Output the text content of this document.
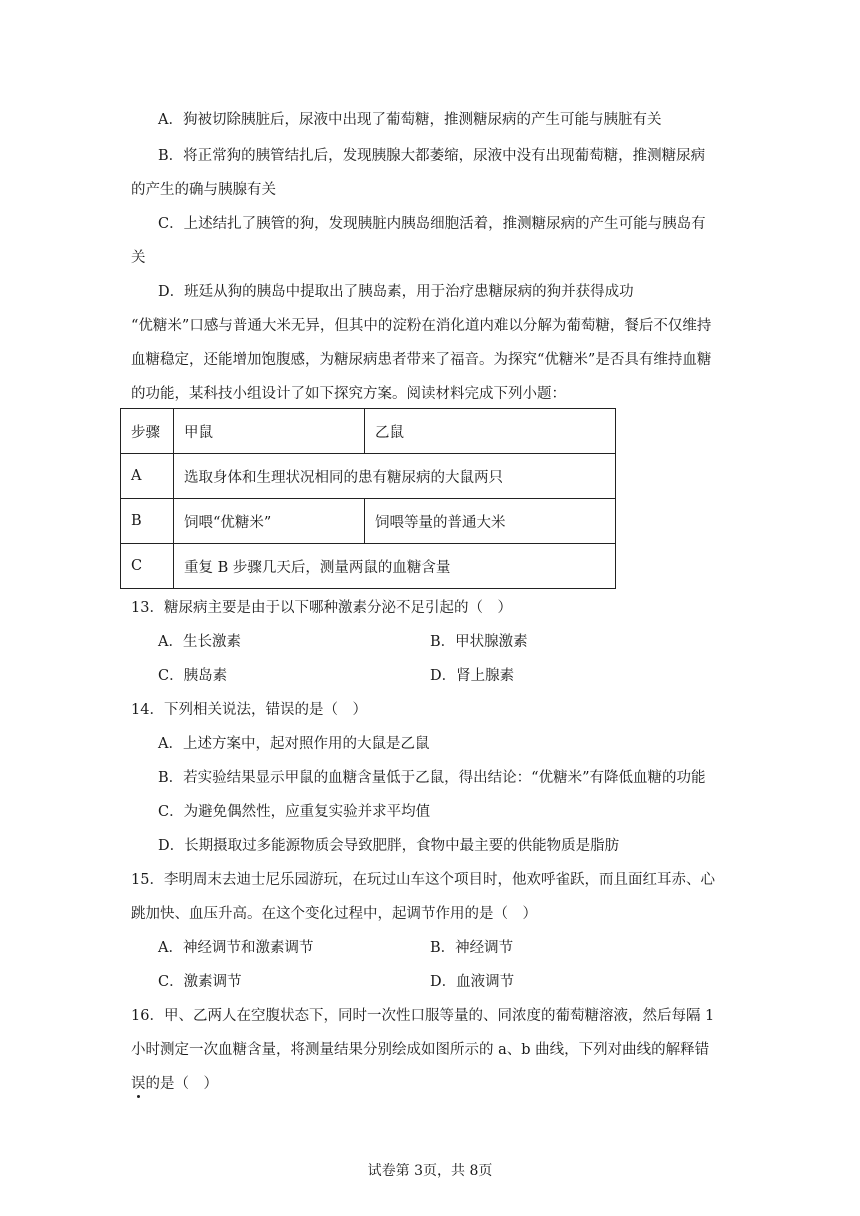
A．狗被切除胰脏后，尿液中出现了葡萄糖，推测糖尿病的产生可能与胰脏有关
B．将正常狗的胰管结扎后，发现胰腺大都萎缩，尿液中没有出现葡萄糖，推测糖尿病
的产生的确与胰腺有关
C．上述结扎了胰管的狗，发现胰脏内胰岛细胞活着，推测糖尿病的产生可能与胰岛有
关
D．班廷从狗的胰岛中提取出了胰岛素，用于治疗患糖尿病的狗并获得成功
“优糖米”口感与普通大米无异，但其中的淀粉在消化道内难以分解为葡萄糖，餐后不仅维持
血糖稳定，还能增加饱腹感，为糖尿病患者带来了福音。为探究“优糖米”是否具有维持血糖
的功能，某科技小组设计了如下探究方案。阅读材料完成下列小题：
步骤	甲鼠	乙鼠
A	选取身体和生理状况相同的患有糖尿病的大鼠两只	
B	饲喂“优糖米”	饲喂等量的普通大米
C	重复 B 步骤几天后，测量两鼠的血糖含量	
13．糖尿病主要是由于以下哪种激素分泌不足引起的（　）
A．生长激素	B．甲状腺激素
C．胰岛素	D．肾上腺素
14．下列相关说法，错误的是（　）
A．上述方案中，起对照作用的大鼠是乙鼠
B．若实验结果显示甲鼠的血糖含量低于乙鼠，得出结论：“优糖米”有降低血糖的功能
C．为避免偶然性，应重复实验并求平均值
D．长期摄取过多能源物质会导致肥胖，食物中最主要的供能物质是脂肪
15．李明周末去迪士尼乐园游玩，在玩过山车这个项目时，他欢呼雀跃，而且面红耳赤、心
跳加快、血压升高。在这个变化过程中，起调节作用的是（　）
A．神经调节和激素调节	B．神经调节
C．激素调节	D．血液调节
16．甲、乙两人在空腹状态下，同时一次性口服等量的、同浓度的葡萄糖溶液，然后每隔 1
小时测定一次血糖含量，将测量结果分别绘成如图所示的 a、b 曲线，下列对曲线的解释错
误的是（　）
试卷第 3页，共 8页
